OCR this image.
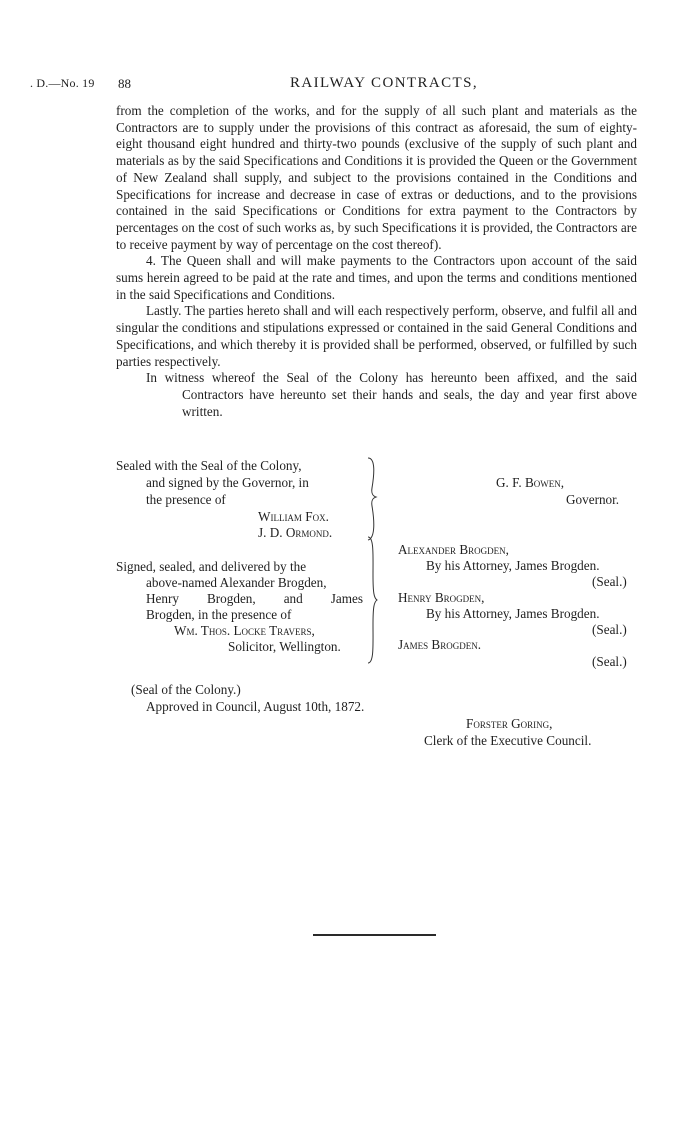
. D.—No. 19 88	RAILWAY CONTRACTS,

from the completion of the works, and for the supply of all such plant and materials as the Contractors are to supply under the provisions of this contract as aforesaid, the sum of eighty-eight thousand eight hundred and thirty-two pounds (exclusive of the supply of such plant and materials as by the said Specifications and Conditions it is provided the Queen or the Government of New Zealand shall supply, and subject to the provisions contained in the Conditions and Specifications for increase and decrease in case of extras or deductions, and to the provisions contained in the said Specifications or Conditions for extra payment to the Contractors by percentages on the cost of such works as, by such Specifications it is provided, the Contractors are to receive payment by way of percentage on the cost thereof).

4. The Queen shall and will make payments to the Contractors upon account of the said sums herein agreed to be paid at the rate and times, and upon the terms and conditions mentioned in the said Specifications and Conditions.

Lastly. The parties hereto shall and will each respectively perform, observe, and fulfil all and singular the conditions and stipulations expressed or contained in the said General Conditions and Specifications, and which thereby it is provided shall be performed, observed, or fulfilled by such parties respectively.

In witness whereof the Seal of the Colony has hereunto been affixed, and the said Contractors have hereunto set their hands and seals, the day and year first above written.

Sealed with the Seal of the Colony,
and signed by the Governor, in
the presence of
William Fox.
J. D. Ormond.
G. F. Bowen,
Governor.
Signed, sealed, and delivered by the
above-named Alexander Brogden,
Henry Brogden, and James
Brogden, in the presence of
Wm. Thos. Locke Travers,
Solicitor, Wellington.
Alexander Brogden,
By his Attorney, James Brogden.
(Seal.)
Henry Brogden,
By his Attorney, James Brogden.
(Seal.)
James Brogden.
(Seal.)
(Seal of the Colony.)
Approved in Council, August 10th, 1872.
Forster Goring,
Clerk of the Executive Council.
